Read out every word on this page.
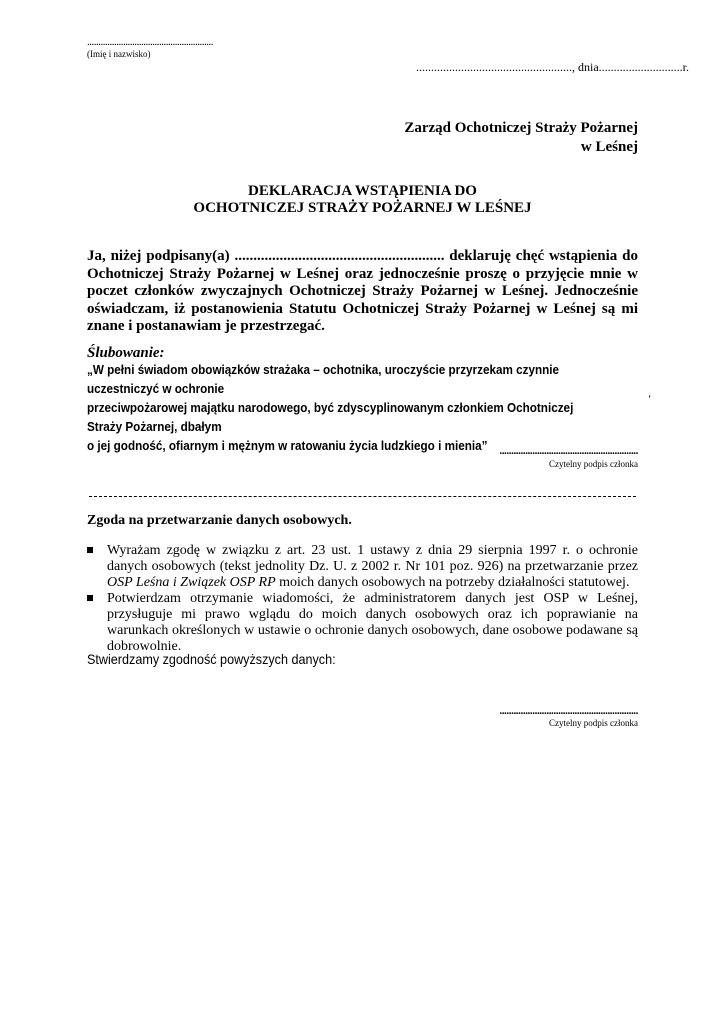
........................................................
(Imię i nazwisko)
...................................................., dnia............................r.
Zarząd Ochotniczej Straży Pożarnej
w Leśnej
DEKLARACJA WSTĄPIENIA DO
OCHOTNICZEJ STRAŻY POŻARNEJ W LEŚNEJ
Ja, niżej podpisany(a) ........................................................ deklaruję chęć wstąpienia do Ochotniczej Straży Pożarnej w Leśnej oraz jednocześnie proszę o przyjęcie mnie w poczet członków zwyczajnych Ochotniczej Straży Pożarnej w Leśnej. Jednocześnie oświadczam, iż postanowienia Statutu Ochotniczej Straży Pożarnej w Leśnej są mi znane i postanawiam je przestrzegać.
Ślubowanie:
„W pełni świadom obowiązków strażaka – ochotnika, uroczyście przyrzekam czynnie uczestniczyć w ochronie
przeciwpożarowej majątku narodowego, być zdyscyplinowanym członkiem Ochotniczej Straży Pożarnej, dbałym
o jej godność, ofiarnym i mężnym w ratowaniu życia ludzkiego i mienia”
‘
...........................................................
Czytelny podpis członka
Zgoda na przetwarzanie danych osobowych.
Wyrażam zgodę w związku z art. 23 ust. 1 ustawy z dnia 29 sierpnia 1997 r. o ochronie danych osobowych (tekst jednolity Dz. U. z 2002 r. Nr 101 poz. 926) na przetwarzanie przez OSP Leśna i Związek OSP RP moich danych osobowych na potrzeby działalności statutowej.
Potwierdzam otrzymanie wiadomości, że administratorem danych jest OSP w Leśnej, przysługuje mi prawo wglądu do moich danych osobowych oraz ich poprawianie na warunkach określonych w ustawie o ochronie danych osobowych, dane osobowe podawane są dobrowolnie.
Stwierdzamy zgodność powyższych danych:
...........................................................
Czytelny podpis członka
